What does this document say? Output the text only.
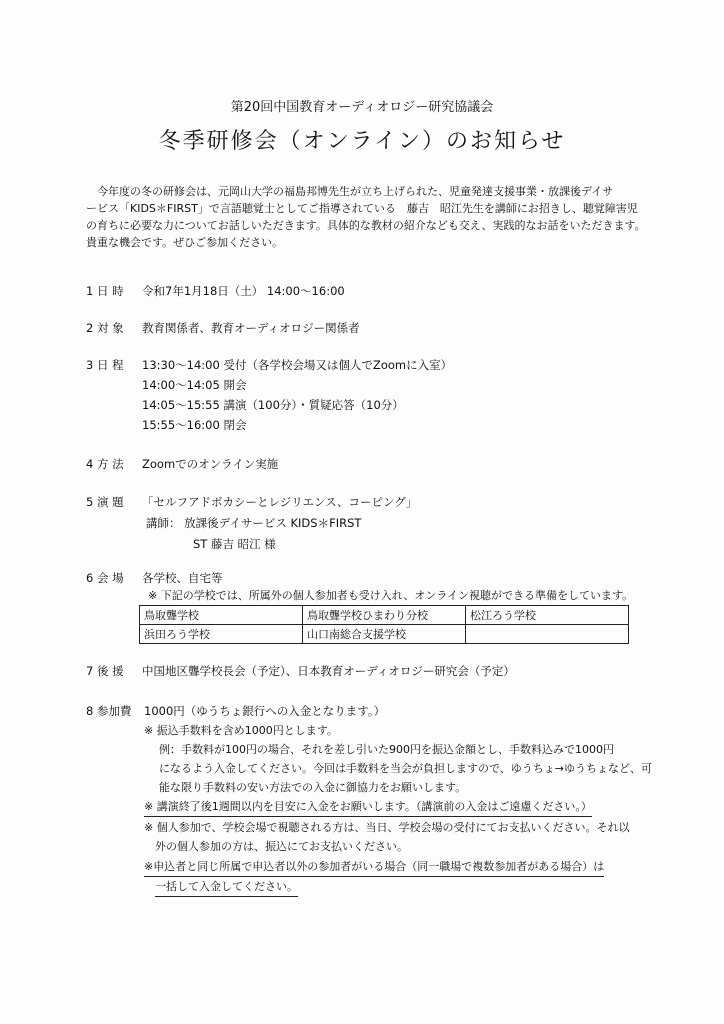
第20回中国教育オーディオロジー研究協議会
冬季研修会（オンライン）のお知らせ

今年度の冬の研修会は、元岡山大学の福島邦博先生が立ち上げられた、児童発達支援事業・放課後デイサ

ービス「KIDS＊FIRST」で言語聴覚士としてご指導されている　藤吉　昭江先生を講師にお招きし、聴覚障害児

の育ちに必要な力についてお話しいただきます。具体的な教材の紹介なども交え、実践的なお話をいただきます。

貴重な機会です。ぜひご参加ください。

1 日 時 令和7年1月18日（土） 14:00～16:00
2 対 象 教育関係者、教育オーディオロジー関係者
3 日 程 13:30～14:00 受付（各学校会場又は個人でZoomに入室）
14:00～14:05 開会
14:05～15:55 講演（100分）・質疑応答（10分）
15:55～16:00 閉会
4 方 法 Zoomでのオンライン実施
5 演 題 「セルフアドボカシーとレジリエンス、コーピング」
講師： 放課後デイサービス KIDS＊FIRST
ST 藤吉 昭江 様
6 会 場 各学校、自宅等
※ 下記の学校では、所属外の個人参加者も受け入れ、オンライン視聴ができる準備をしています。
鳥取聾学校	鳥取聾学校ひまわり分校	松江ろう学校
浜田ろう学校	山口南総合支援学校	
7 後 援 中国地区聾学校長会（予定）、日本教育オーディオロジー研究会（予定）
8 参加費 1000円（ゆうちょ銀行への入金となります。）
※ 振込手数料を含め1000円とします。
例：手数料が100円の場合、それを差し引いた900円を振込金額とし、手数料込みで1000円
になるよう入金してください。今回は手数料を当会が負担しますので、ゆうちょ→ゆうちょなど、可
能な限り手数料の安い方法での入金に御協力をお願いします。
※ 講演終了後1週間以内を目安に入金をお願いします。（講演前の入金はご遠慮ください。）
※ 個人参加で、学校会場で視聴される方は、当日、学校会場の受付にてお支払いください。それ以
外の個人参加の方は、振込にてお支払いください。
※申込者と同じ所属で申込者以外の参加者がいる場合（同一職場で複数参加者がある場合）は
一括して入金してください。
